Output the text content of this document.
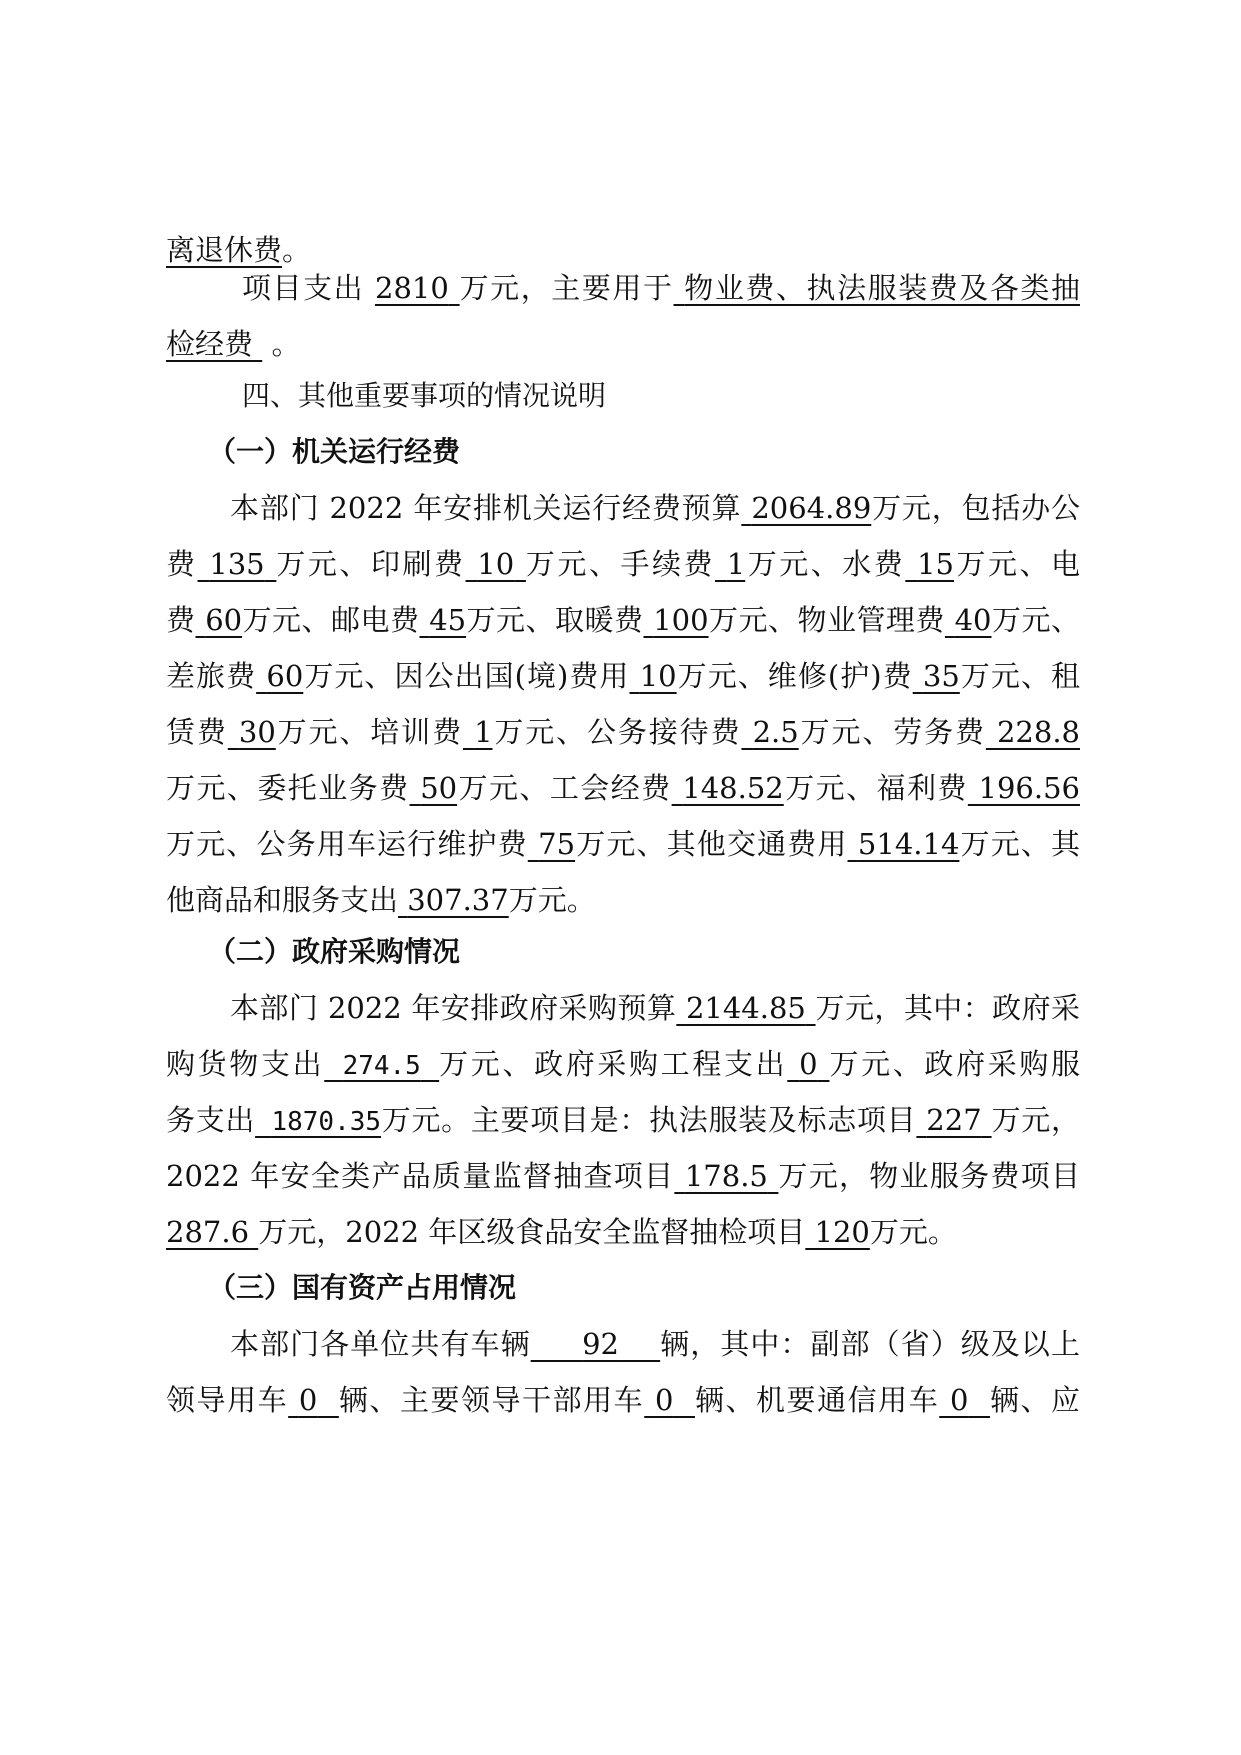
离退休费。
项目支出 2810 万元，主要用于 物业费、执法服装费及各类抽
检经费 。
四、其他重要事项的情况说明
（一）机关运行经费
本部门 2022 年安排机关运行经费预算 2064.89万元，包括办公
费 135 万元、印刷费 10 万元、手续费 1万元、水费 15万元、电
费 60万元、邮电费 45万元、取暖费 100万元、物业管理费 40万元、
差旅费 60万元、因公出国(境)费用 10万元、维修(护)费 35万元、租
赁费 30万元、培训费 1万元、公务接待费 2.5万元、劳务费 228.8
万元、委托业务费 50万元、工会经费 148.52万元、福利费 196.56
万元、公务用车运行维护费 75万元、其他交通费用 514.14万元、其
他商品和服务支出 307.37万元。
（二）政府采购情况
本部门 2022 年安排政府采购预算 2144.85 万元，其中：政府采
购货物支出 274.5 万元、政府采购工程支出 0 万元、政府采购服
务支出 1870.35万元。主要项目是：执法服装及标志项目 227 万元，
2022 年安全类产品质量监督抽查项目 178.5 万元，物业服务费项目
287.6 万元，2022 年区级食品安全监督抽检项目 120万元。
（三）国有资产占用情况
本部门各单位共有车辆 92 辆，其中：副部（省）级及以上
领导用车 0 辆、主要领导干部用车 0 辆、机要通信用车 0 辆、应
